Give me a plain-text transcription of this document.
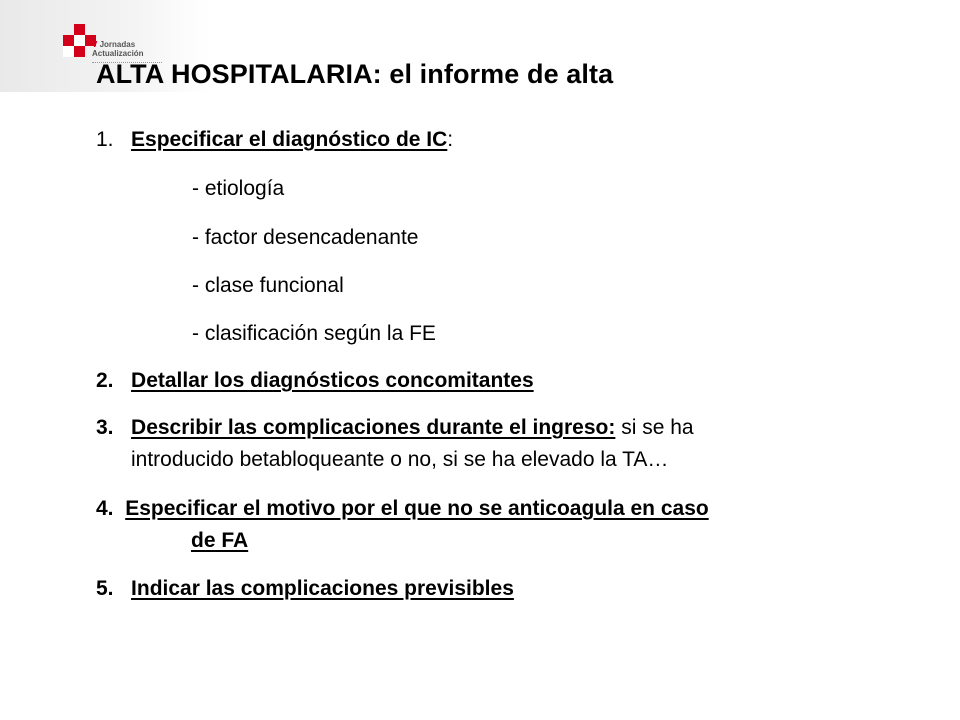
V Jornadas
Actualización
ALTA HOSPITALARIA: el informe de alta
1. Especificar el diagnóstico de IC:
- etiología
- factor desencadenante
- clase funcional
- clasificación según la FE
2. Detallar los diagnósticos concomitantes
3. Describir las complicaciones durante el ingreso: si se ha
introducido betabloqueante o no, si se ha elevado la TA…
4. Especificar el motivo por el que no se anticoagula en caso
de FA
5. Indicar las complicaciones previsibles
